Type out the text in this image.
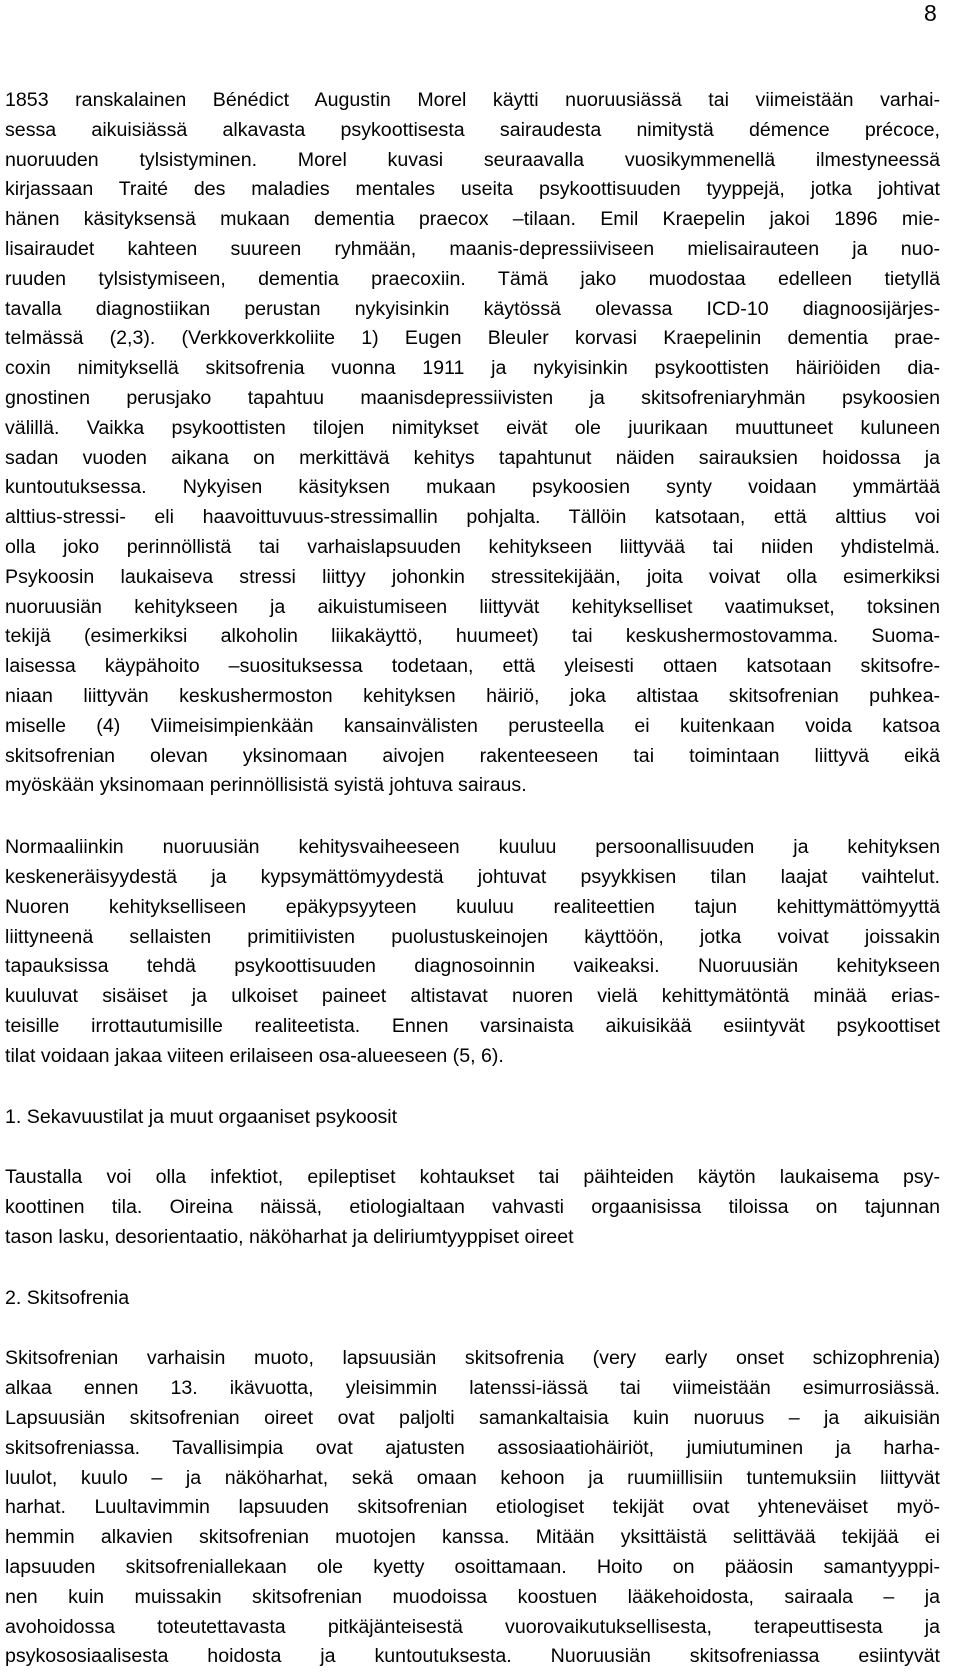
8

1853 ranskalainen Bénédict Augustin Morel käytti nuoruusiässä tai viimeistään varhai-
sessa aikuisiässä alkavasta psykoottisesta sairaudesta nimitystä démence précoce,
nuoruuden tylsistyminen. Morel kuvasi seuraavalla vuosikymmenellä ilmestyneessä
kirjassaan Traité des maladies mentales useita psykoottisuuden tyyppejä, jotka johtivat
hänen käsityksensä mukaan dementia praecox –tilaan. Emil Kraepelin jakoi 1896 mie-
lisairaudet kahteen suureen ryhmään, maanis-depressiiviseen mielisairauteen ja nuo-
ruuden tylsistymiseen, dementia praecoxiin. Tämä jako muodostaa edelleen tietyllä
tavalla diagnostiikan perustan nykyisinkin käytössä olevassa ICD-10 diagnoosijärjes-
telmässä (2,3). (Verkkoverkkoliite 1) Eugen Bleuler korvasi Kraepelinin dementia prae-
coxin nimityksellä skitsofrenia vuonna 1911 ja nykyisinkin psykoottisten häiriöiden dia-
gnostinen perusjako tapahtuu maanisdepressiivisten ja skitsofreniaryhmän psykoosien
välillä. Vaikka psykoottisten tilojen nimitykset eivät ole juurikaan muuttuneet kuluneen
sadan vuoden aikana on merkittävä kehitys tapahtunut näiden sairauksien hoidossa ja
kuntoutuksessa. Nykyisen käsityksen mukaan psykoosien synty voidaan ymmärtää
alttius-stressi- eli haavoittuvuus-stressimallin pohjalta. Tällöin katsotaan, että alttius voi
olla joko perinnöllistä tai varhaislapsuuden kehitykseen liittyvää tai niiden yhdistelmä.
Psykoosin laukaiseva stressi liittyy johonkin stressitekijään, joita voivat olla esimerkiksi
nuoruusiän kehitykseen ja aikuistumiseen liittyvät kehitykselliset vaatimukset, toksinen
tekijä (esimerkiksi alkoholin liikakäyttö, huumeet) tai keskushermostovamma. Suoma-
laisessa käypähoito –suosituksessa todetaan, että yleisesti ottaen katsotaan skitsofre-
niaan liittyvän keskushermoston kehityksen häiriö, joka altistaa skitsofrenian puhkea-
miselle (4) Viimeisimpienkään kansainvälisten perusteella ei kuitenkaan voida katsoa
skitsofrenian olevan yksinomaan aivojen rakenteeseen tai toimintaan liittyvä eikä
myöskään yksinomaan perinnöllisistä syistä johtuva sairaus.

Normaaliinkin nuoruusiän kehitysvaiheeseen kuuluu persoonallisuuden ja kehityksen
keskeneräisyydestä ja kypsymättömyydestä johtuvat psyykkisen tilan laajat vaihtelut.
Nuoren kehitykselliseen epäkypsyyteen kuuluu realiteettien tajun kehittymättömyyttä
liittyneenä sellaisten primitiivisten puolustuskeinojen käyttöön, jotka voivat joissakin
tapauksissa tehdä psykoottisuuden diagnosoinnin vaikeaksi. Nuoruusiän kehitykseen
kuuluvat sisäiset ja ulkoiset paineet altistavat nuoren vielä kehittymätöntä minää erias-
teisille irrottautumisille realiteetista. Ennen varsinaista aikuisikää esiintyvät psykoottiset
tilat voidaan jakaa viiteen erilaiseen osa-alueeseen (5, 6).

1. Sekavuustilat ja muut orgaaniset psykoosit

Taustalla voi olla infektiot, epileptiset kohtaukset tai päihteiden käytön laukaisema psy-
koottinen tila. Oireina näissä, etiologialtaan vahvasti orgaanisissa tiloissa on tajunnan
tason lasku, desorientaatio, näköharhat ja deliriumtyyppiset oireet

2. Skitsofrenia

Skitsofrenian varhaisin muoto, lapsuusiän skitsofrenia (very early onset schizophrenia)
alkaa ennen 13. ikävuotta, yleisimmin latenssi-iässä tai viimeistään esimurrosiässä.
Lapsuusiän skitsofrenian oireet ovat paljolti samankaltaisia kuin nuoruus – ja aikuisiän
skitsofreniassa. Tavallisimpia ovat ajatusten assosiaatiohäiriöt, jumiutuminen ja harha-
luulot, kuulo – ja näköharhat, sekä omaan kehoon ja ruumiillisiin tuntemuksiin liittyvät
harhat. Luultavimmin lapsuuden skitsofrenian etiologiset tekijät ovat yhteneväiset myö-
hemmin alkavien skitsofrenian muotojen kanssa. Mitään yksittäistä selittävää tekijää ei
lapsuuden skitsofreniallekaan ole kyetty osoittamaan. Hoito on pääosin samantyyppi-
nen kuin muissakin skitsofrenian muodoissa koostuen lääkehoidosta, sairaala – ja
avohoidossa toteutettavasta pitkäjänteisestä vuorovaikutuksellisesta, terapeuttisesta ja
psykososiaalisesta hoidosta ja kuntoutuksesta. Nuoruusiän skitsofreniassa esiintyvät
